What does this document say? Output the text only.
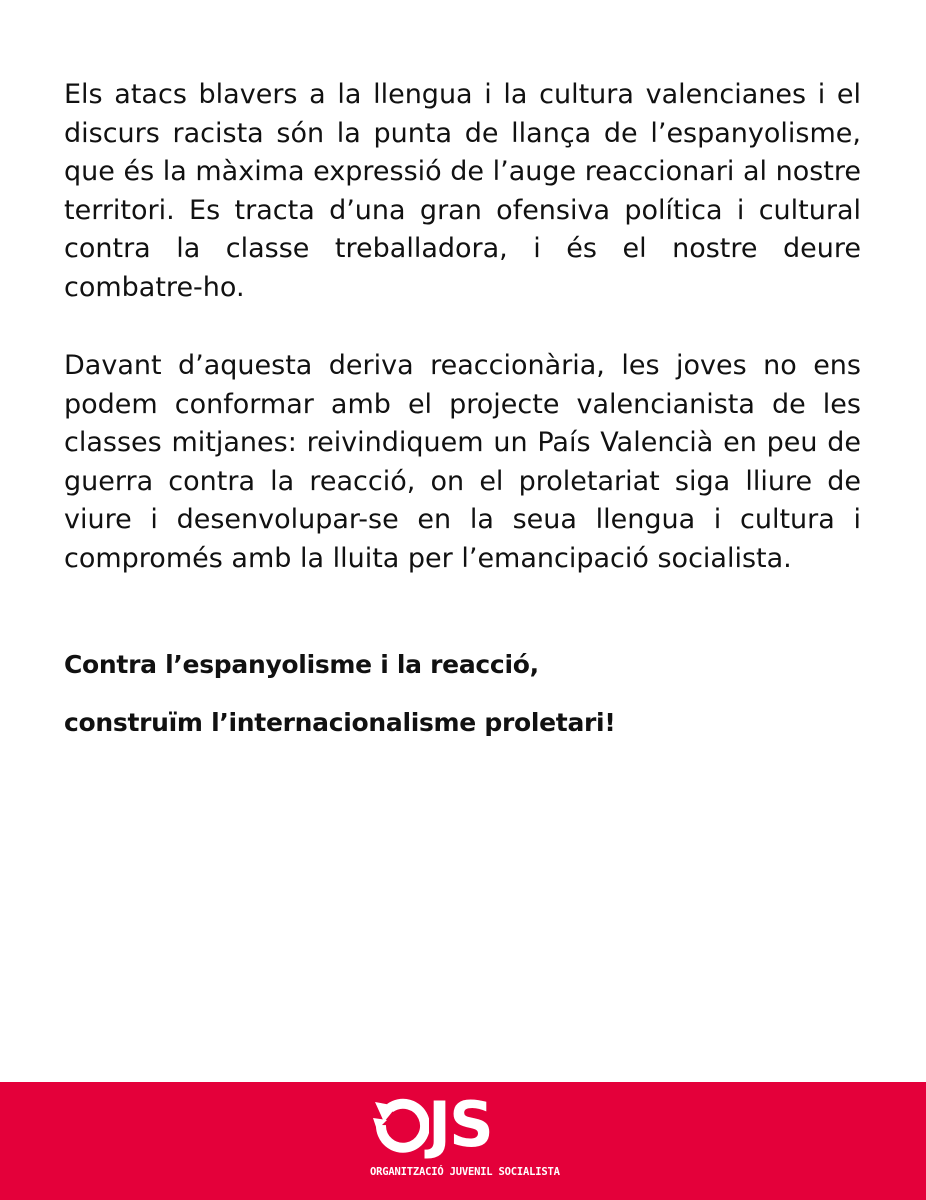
Els atacs blavers a la llengua i la cultura valencianes i el discurs racista són la punta de llança de l’espanyolisme, que és la màxima expressió de l’auge reaccionari al nostre territori. Es tracta d’una gran ofensiva política i cultural contra la classe treballadora, i és el nostre deure combatre-ho.

Davant d’aquesta deriva reaccionària, les joves no ens podem conformar amb el projecte valencianista de les classes mitjanes: reivindiquem un País Valencià en peu de guerra contra la reacció, on el proletariat siga lliure de viure i desenvolupar-se en la seua llengua i cultura i compromés amb la lluita per l’emancipació socialista.

Contra l’espanyolisme i la reacció,

construïm l’internacionalisme proletari!

JS
ORGANITZACIÓ JUVENIL SOCIALISTA
